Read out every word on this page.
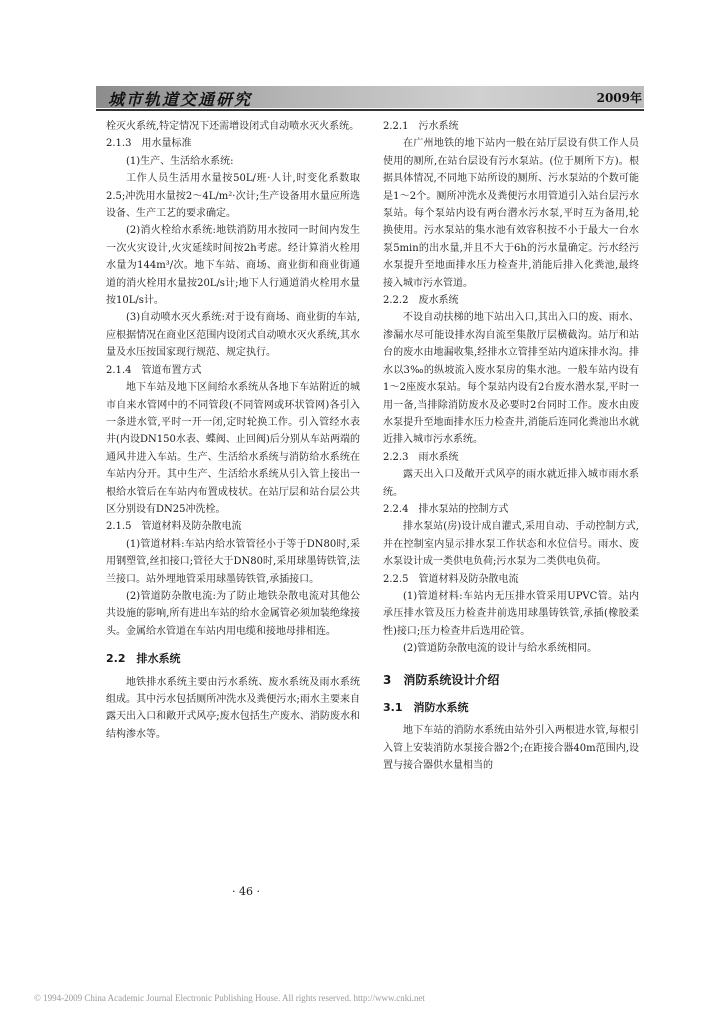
城市轨道交通研究	2009年
栓灭火系统,特定情况下还需增设闭式自动喷水灭火系统。
2.1.3　用水量标准
(1)生产、生活给水系统:
工作人员生活用水量按50L/班·人计,时变化系数取2.5;冲洗用水量按2～4L/m²·次计;生产设备用水量应所选设备、生产工艺的要求确定。
(2)消火栓给水系统:地铁消防用水按同一时间内发生一次火灾设计,火灾延续时间按2h考虑。经计算消火栓用水量为144m³/次。地下车站、商场、商业街和商业街通道的消火栓用水量按20L/s计;地下人行通道消火栓用水量按10L/s计。
(3)自动喷水灭火系统:对于设有商场、商业街的车站,应根据情况在商业区范围内设闭式自动喷水灭火系统,其水量及水压按国家现行规范、规定执行。
2.1.4　管道布置方式
地下车站及地下区间给水系统从各地下车站附近的城市自来水管网中的不同管段(不同管网或环状管网)各引入一条进水管,平时一开一闭,定时轮换工作。引入管经水表井(内设DN150水表、蝶阀、止回阀)后分别从车站两端的通风井进入车站。生产、生活给水系统与消防给水系统在车站内分开。其中生产、生活给水系统从引入管上接出一根给水管后在车站内布置成枝状。在站厅层和站台层公共区分别设有DN25冲洗栓。
2.1.5　管道材料及防杂散电流
(1)管道材料:车站内给水管管径小于等于DN80时,采用钢塑管,丝扣接口;管径大于DN80时,采用球墨铸铁管,法兰接口。站外埋地管采用球墨铸铁管,承插接口。
(2)管道防杂散电流:为了防止地铁杂散电流对其他公共设施的影响,所有进出车站的给水金属管必须加装绝缘接头。金属给水管道在车站内用电缆和接地母排相连。
2.2　排水系统
地铁排水系统主要由污水系统、废水系统及雨水系统组成。其中污水包括厕所冲洗水及粪便污水;雨水主要来自露天出入口和敞开式风亭;废水包括生产废水、消防废水和结构渗水等。
2.2.1　污水系统
在广州地铁的地下站内一般在站厅层设有供工作人员使用的厕所,在站台层设有污水泵站。(位于厕所下方)。根据具体情况,不同地下站所设的厕所、污水泵站的个数可能是1～2个。厕所冲洗水及粪便污水用管道引入站台层污水泵站。每个泵站内设有两台潜水污水泵,平时互为备用,轮换使用。污水泵站的集水池有效容积按不小于最大一台水泵5min的出水量,并且不大于6h的污水量确定。污水经污水泵提升至地面排水压力检查井,消能后排入化粪池,最终接入城市污水管道。
2.2.2　废水系统
不设自动扶梯的地下站出入口,其出入口的废、雨水、渗漏水尽可能设排水沟自流至集散厅层横截沟。站厅和站台的废水由地漏收集,经排水立管排至站内道床排水沟。排水以3‰的纵坡流入废水泵房的集水池。一般车站内设有1～2座废水泵站。每个泵站内设有2台废水潜水泵,平时一用一备,当排除消防废水及必要时2台同时工作。废水由废水泵提升至地面排水压力检查井,消能后连同化粪池出水就近排入城市污水系统。
2.2.3　雨水系统
露天出入口及敞开式风亭的雨水就近排入城市雨水系统。
2.2.4　排水泵站的控制方式
排水泵站(房)设计成自灌式,采用自动、手动控制方式,并在控制室内显示排水泵工作状态和水位信号。雨水、废水泵设计成一类供电负荷;污水泵为二类供电负荷。
2.2.5　管道材料及防杂散电流
(1)管道材料:车站内无压排水管采用UPVC管。站内承压排水管及压力检查井前选用球墨铸铁管,承插(橡胶柔性)接口;压力检查井后选用砼管。
(2)管道防杂散电流的设计与给水系统相同。
3　消防系统设计介绍
3.1　消防水系统
地下车站的消防水系统由站外引入两根进水管,每根引入管上安装消防水泵接合器2个;在距接合器40m范围内,设置与接合器供水量相当的
· 46 ·
© 1994-2009 China Academic Journal Electronic Publishing House. All rights reserved. http://www.cnki.net
